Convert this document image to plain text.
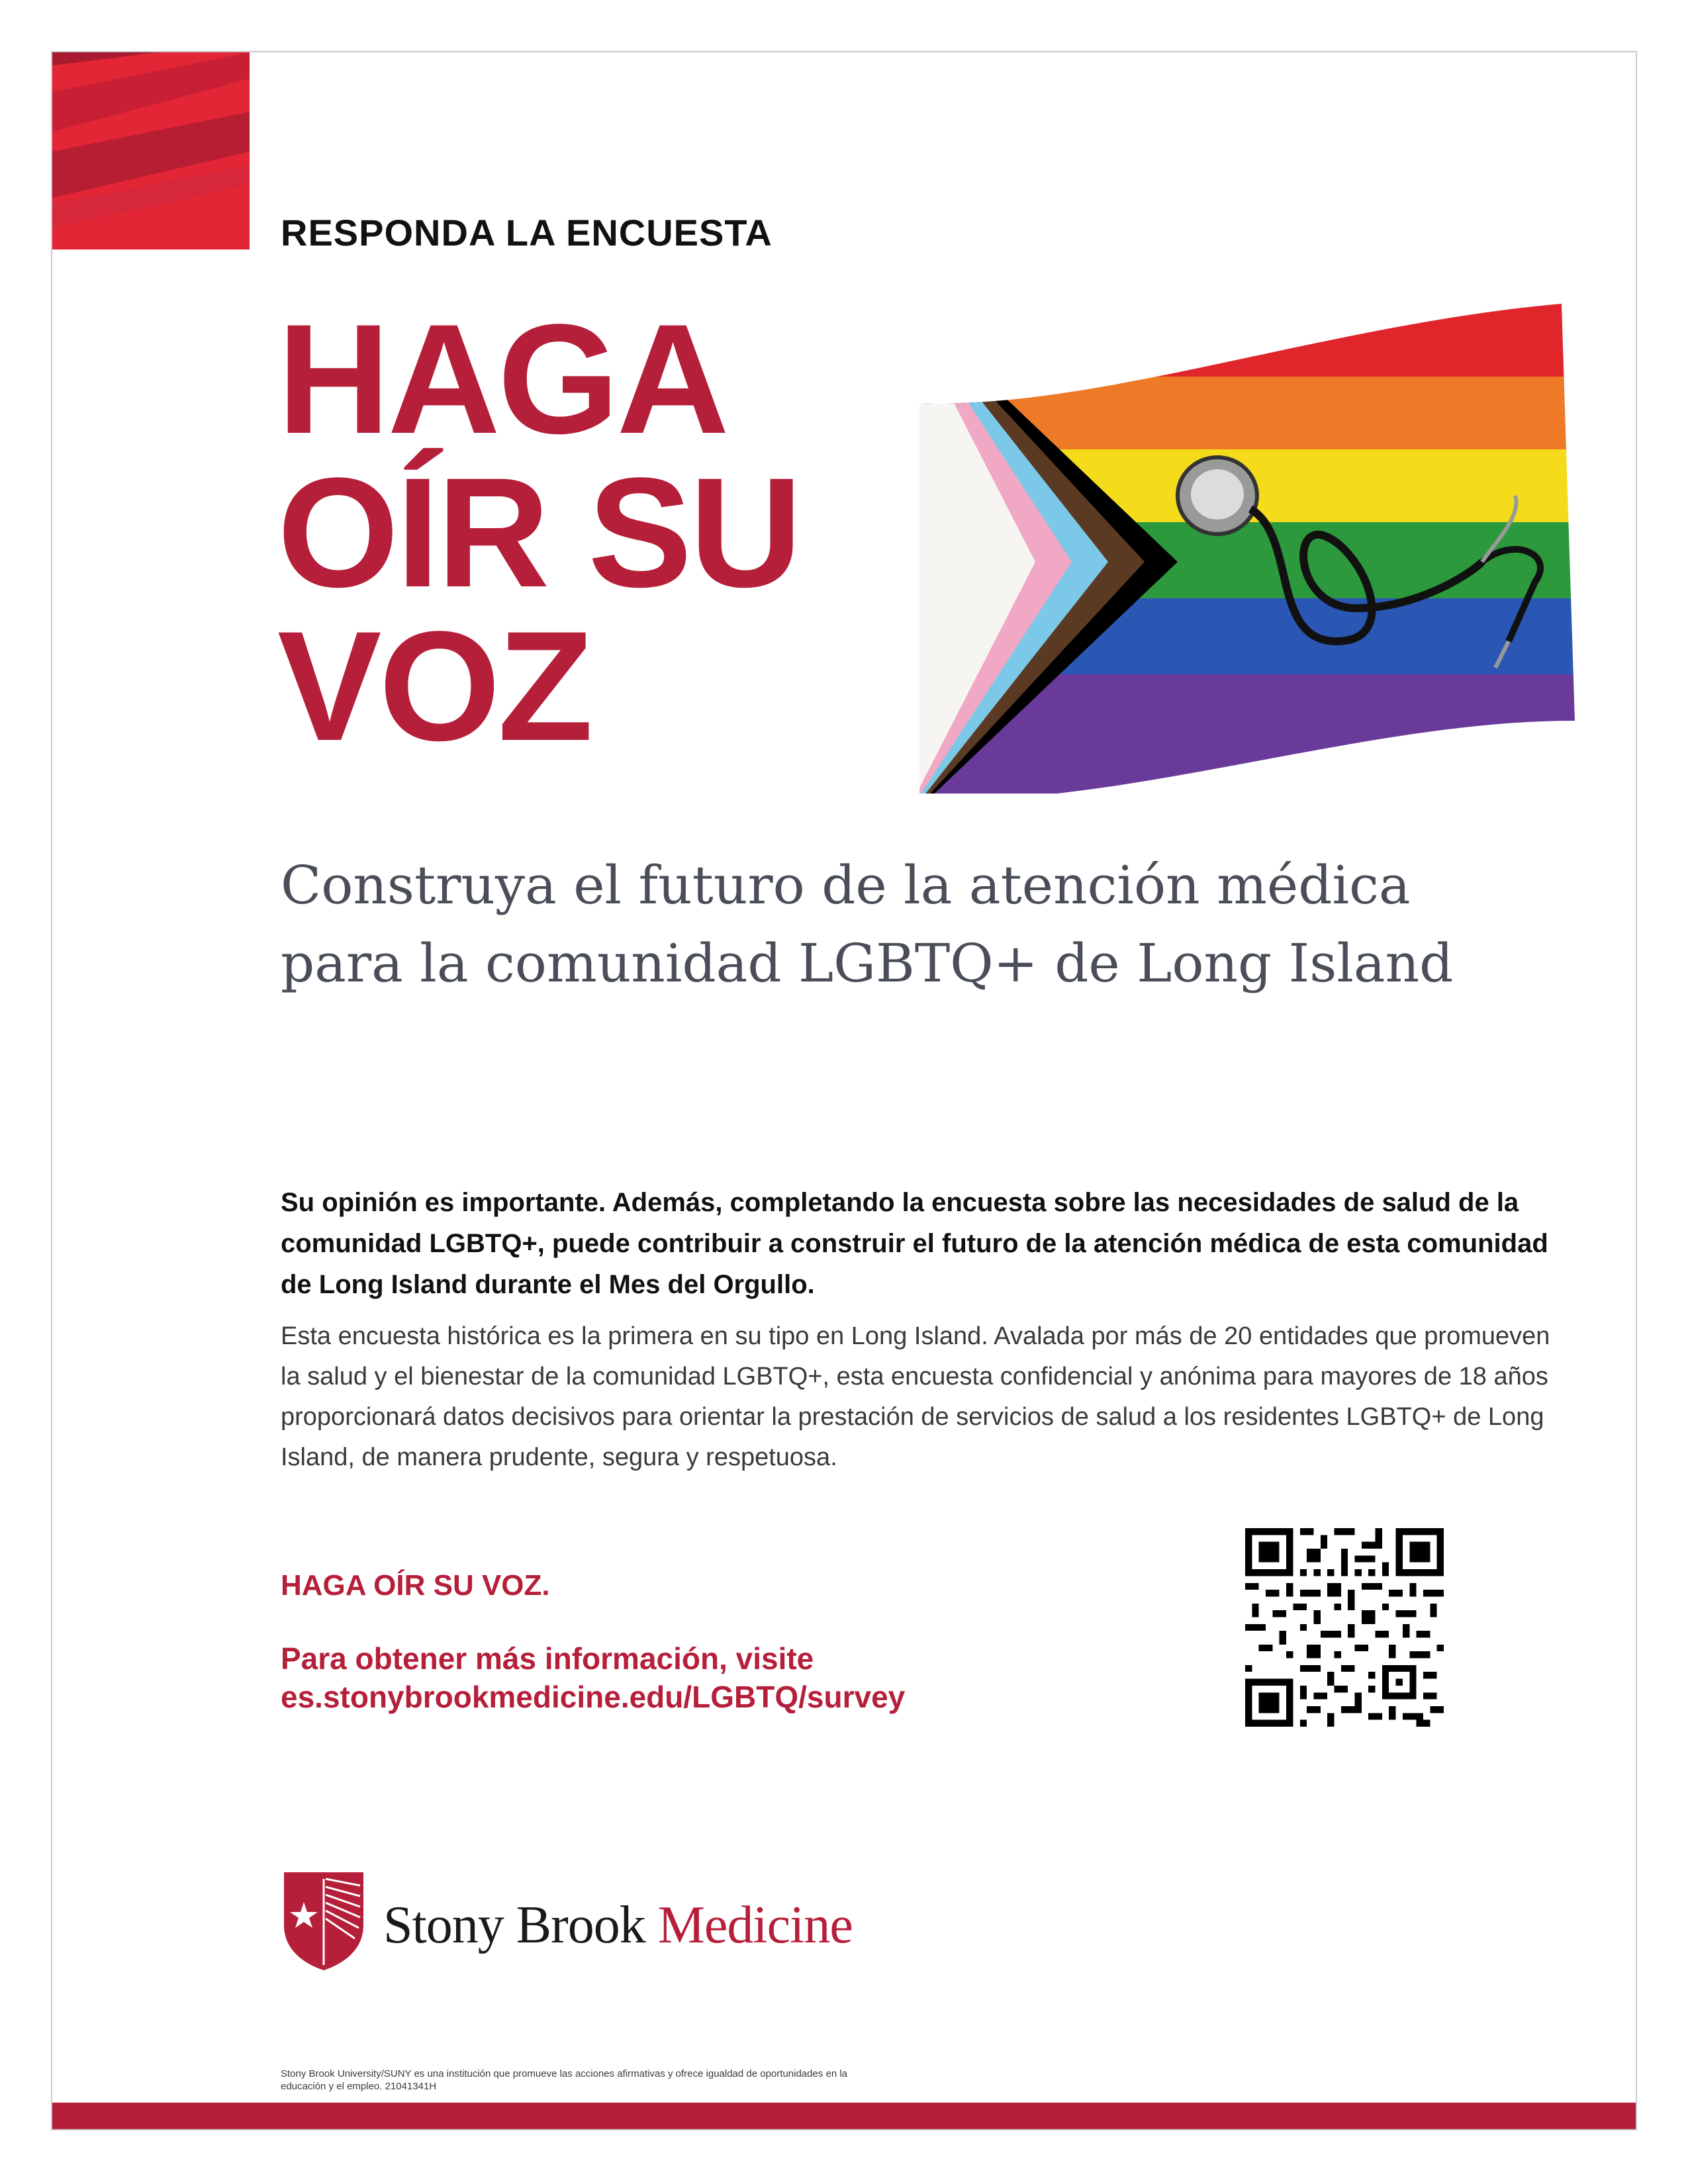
RESPONDA LA ENCUESTA
HAGA
OÍR SU
VOZ
Construya el futuro de la atención médica para la comunidad LGBTQ+ de Long Island
Su opinión es importante. Además, completando la encuesta sobre las necesidades de salud de la comunidad LGBTQ+, puede contribuir a construir el futuro de la atención médica de esta comunidad de Long Island durante el Mes del Orgullo.
Esta encuesta histórica es la primera en su tipo en Long Island. Avalada por más de 20 entidades que promueven la salud y el bienestar de la comunidad LGBTQ+, esta encuesta confidencial y anónima para mayores de 18 años proporcionará datos decisivos para orientar la prestación de servicios de salud a los residentes LGBTQ+ de Long Island, de manera prudente, segura y respetuosa.
HAGA OÍR SU VOZ.
Para obtener más información, visite
es.stonybrookmedicine.edu/LGBTQ/survey
Stony Brook Medicine
Stony Brook University/SUNY es una institución que promueve las acciones afirmativas y ofrece igualdad de oportunidades en la educación y el empleo. 21041341H
